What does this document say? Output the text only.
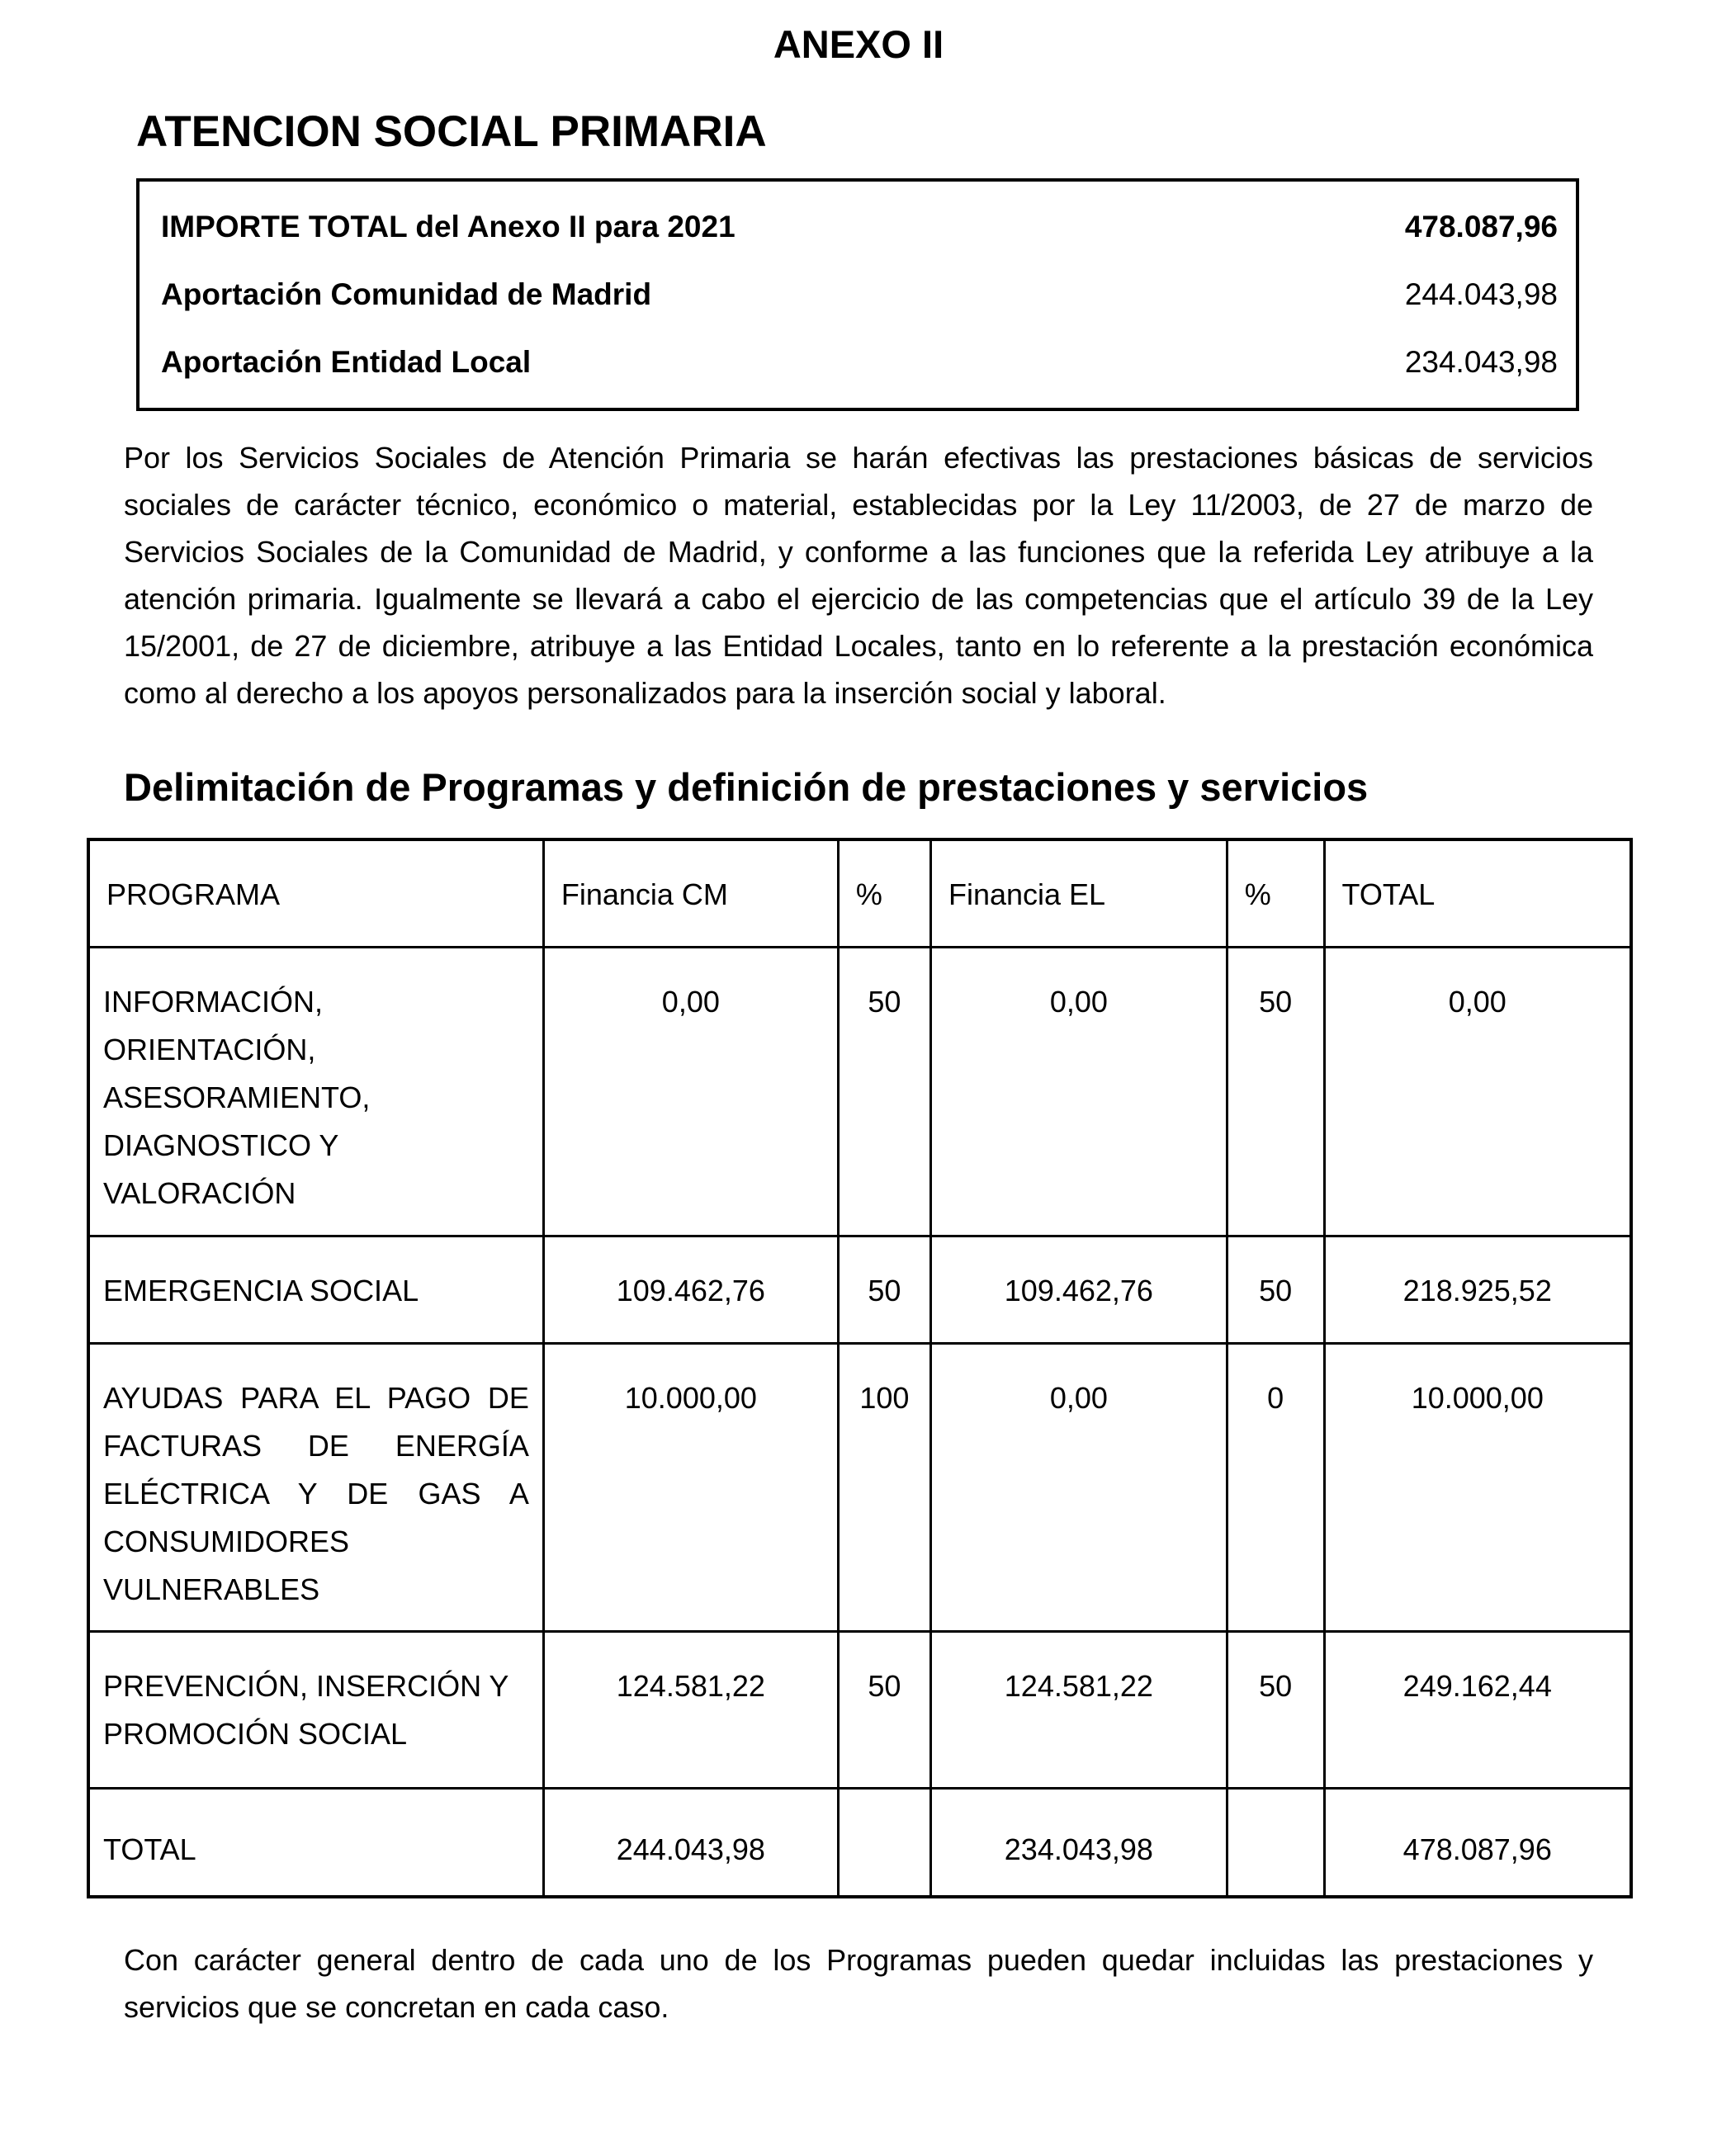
ANEXO II
ATENCION SOCIAL PRIMARIA
IMPORTE TOTAL del Anexo II para 2021	478.087,96
Aportación Comunidad de Madrid	244.043,98
Aportación Entidad Local	234.043,98

Por los Servicios Sociales de Atención Primaria se harán efectivas las prestaciones básicas de servicios sociales de carácter técnico, económico o material, establecidas por la Ley 11/2003, de 27 de marzo de Servicios Sociales de la Comunidad de Madrid, y conforme a las funciones que la referida Ley atribuye a la atención primaria. Igualmente se llevará a cabo el ejercicio de las competencias que el artículo 39 de la Ley 15/2001, de 27 de diciembre, atribuye a las Entidad Locales, tanto en lo referente a la prestación económica como al derecho a los apoyos personalizados para la inserción social y laboral.

Delimitación de Programas y definición de prestaciones y servicios
PROGRAMA	Financia CM	%	Financia EL	%	TOTAL
INFORMACIÓN, ORIENTACIÓN, ASESORAMIENTO, DIAGNOSTICO Y VALORACIÓN	0,00	50	0,00	50	0,00
EMERGENCIA SOCIAL	109.462,76	50	109.462,76	50	218.925,52
AYUDAS PARA EL PAGO DE FACTURAS DE ENERGÍA ELÉCTRICA Y DE GAS A CONSUMIDORES VULNERABLES	10.000,00	100	0,00	0	10.000,00
PREVENCIÓN, INSERCIÓN Y PROMOCIÓN SOCIAL	124.581,22	50	124.581,22	50	249.162,44
TOTAL	244.043,98		234.043,98		478.087,96

Con carácter general dentro de cada uno de los Programas pueden quedar incluidas las prestaciones y servicios que se concretan en cada caso.
